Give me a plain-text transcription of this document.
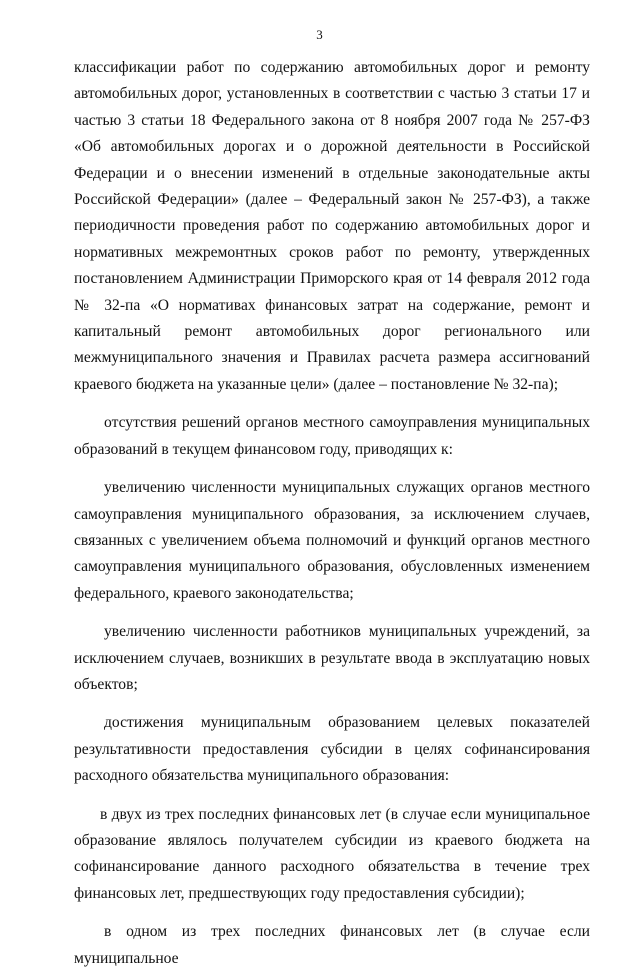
3

классификации работ по содержанию автомобильных дорог и ремонту автомобильных дорог, установленных в соответствии с частью 3 статьи 17 и частью 3 статьи 18 Федерального закона от 8 ноября 2007 года № 257-ФЗ «Об автомобильных дорогах и о дорожной деятельности в Российской Федерации и о внесении изменений в отдельные законодательные акты Российской Федерации» (далее – Федеральный закон № 257-ФЗ), а также периодичности проведения работ по содержанию автомобильных дорог и нормативных межремонтных сроков работ по ремонту, утвержденных постановлением Администрации Приморского края от 14 февраля 2012 года № 32-па «О нормативах финансовых затрат на содержание, ремонт и капитальный ремонт автомобильных дорог регионального или межмуниципального значения и Правилах расчета размера ассигнований краевого бюджета на указанные цели» (далее – постановление № 32-па);

отсутствия решений органов местного самоуправления муниципальных образований в текущем финансовом году, приводящих к:

увеличению численности муниципальных служащих органов местного самоуправления муниципального образования, за исключением случаев, связанных с увеличением объема полномочий и функций органов местного самоуправления муниципального образования, обусловленных изменением федерального, краевого законодательства;

увеличению численности работников муниципальных учреждений, за исключением случаев, возникших в результате ввода в эксплуатацию новых объектов;

достижения муниципальным образованием целевых показателей результативности предоставления субсидии в целях софинансирования расходного обязательства муниципального образования:

в двух из трех последних финансовых лет (в случае если муниципальное образование являлось получателем субсидии из краевого бюджета на софинансирование данного расходного обязательства в течение трех финансовых лет, предшествующих году предоставления субсидии);

в одном из трех последних финансовых лет (в случае если муниципальное
